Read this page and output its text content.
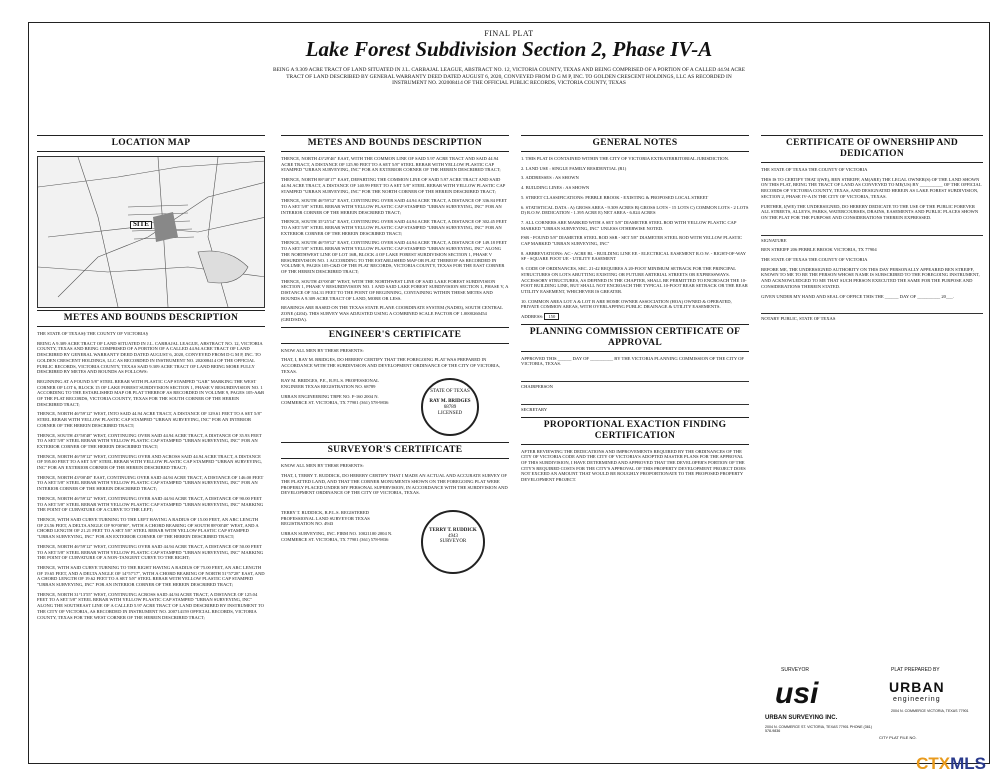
FINAL PLAT
Lake Forest Subdivision Section 2, Phase IV-A
BEING A 9.309 ACRE TRACT OF LAND SITUATED IN J.L. CARBAJAL LEAGUE, ABSTRACT NO. 12, VICTORIA COUNTY, TEXAS AND BEING COMPRISED OF A PORTION OF A CALLED 44.94 ACRE TRACT OF LAND DESCRIBED BY GENERAL WARRANTY DEED DATED AUGUST 6, 2020, CONVEYED FROM D G M P, INC. TO GOLDEN CRESCENT HOLDINGS, LLC AS RECORDED IN INSTRUMENT NO. 202008414 OF THE OFFICIAL PUBLIC RECORDS, VICTORIA COUNTY, TEXAS
LOCATION MAP
SITE
METES AND BOUNDS DESCRIPTION
THE STATE OF TEXAS§ THE COUNTY OF VICTORIA§
BEING A 9.309 ACRE TRACT OF LAND SITUATED IN J.L. CARBAJAL LEAGUE, ABSTRACT NO. 12, VICTORIA COUNTY, TEXAS AND BEING COMPRISED OF A PORTION OF A CALLED 44.94 ACRE TRACT OF LAND DESCRIBED BY GENERAL WARRANTY DEED DATED AUGUST 6, 2020, CONVEYED FROM D G M P, INC. TO GOLDEN CRESCENT HOLDINGS, LLC AS RECORDED IN INSTRUMENT NO. 202008414 OF THE OFFICIAL PUBLIC RECORDS, VICTORIA COUNTY, TEXAS SAID 9.309 ACRE TRACT OF LAND BEING MORE FULLY DESCRIBED BY METES AND BOUNDS AS FOLLOWS:
BEGINNING AT A FOUND 5/8" STEEL REBAR WITH PLASTIC CAP STAMPED "GAR" MARKING THE WEST CORNER OF LOT 6, BLOCK 15 OF LAKE FOREST SUBDIVISION SECTION 1, PHASE V RESUBDIVISION NO. 1 ACCORDING TO THE ESTABLISHED MAP OR PLAT THEREOF AS RECORDED IN VOLUME 9, PAGES 105-A&B OF THE PLAT RECORDS, VICTORIA COUNTY, TEXAS FOR THE SOUTH CORNER OF THE HEREIN DESCRIBED TRACT;
THENCE, NORTH 46°59'12" WEST, INTO SAID 44.94 ACRE TRACT, A DISTANCE OF 129.61 FEET TO A SET 5/8" STEEL REBAR WITH YELLOW PLASTIC CAP STAMPED "URBAN SURVEYING, INC" FOR AN INTERIOR CORNER OF THE HEREIN DESCRIBED TRACT;
THENCE, SOUTH 43°58'48" WEST, CONTINUING OVER SAID 44.94 ACRE TRACT, A DISTANCE OF 35.93 FEET TO A SET 5/8" STEEL REBAR WITH YELLOW PLASTIC CAP STAMPED "URBAN SURVEYING, INC" FOR AN EXTERIOR CORNER OF THE HEREIN DESCRIBED TRACT;
THENCE, NORTH 46°59'12" WEST, CONTINUING OVER AND ACROSS SAID 44.94 ACRE TRACT, A DISTANCE OF 595.00 FEET TO A SET 5/8" STEEL REBAR WITH YELLOW PLASTIC CAP STAMPED "URBAN SURVEYING, INC" FOR AN EXTERIOR CORNER OF THE HEREIN DESCRIBED TRACT;
THENCE, NORTH 43°00'48" EAST, CONTINUING OVER SAID 44.94 ACRE TRACT, A DISTANCE OF 146.00 FEET TO A SET 5/8" STEEL REBAR WITH YELLOW PLASTIC CAP STAMPED "URBAN SURVEYING, INC" FOR AN INTERIOR CORNER OF THE HEREIN DESCRIBED TRACT;
THENCE, NORTH 46°59'12" WEST, CONTINUING OVER SAID 44.94 ACRE TRACT, A DISTANCE OF 90.00 FEET TO A SET 5/8" STEEL REBAR WITH YELLOW PLASTIC CAP STAMPED "URBAN SURVEYING, INC" MARKING THE POINT OF CURVATURE OF A CURVE TO THE LEFT;
THENCE, WITH SAID CURVE TURNING TO THE LEFT HAVING A RADIUS OF 15.00 FEET, AN ARC LENGTH OF 23.56 FEET, A DELTA ANGLE OF 90°00'00", WITH A CHORD BEARING OF SOUTH 88°00'48" WEST, AND A CHORD LENGTH OF 21.21 FEET TO A SET 5/8" STEEL REBAR WITH YELLOW PLASTIC CAP STAMPED "URBAN SURVEYING, INC" FOR AN EXTERIOR CORNER OF THE HEREIN DESCRIBED TRACT;
THENCE, NORTH 46°59'12" WEST, CONTINUING OVER SAID 44.94 ACRE TRACT, A DISTANCE OF 50.00 FEET TO A SET 5/8" STEEL REBAR WITH YELLOW PLASTIC CAP STAMPED "URBAN SURVEYING, INC" MARKING THE POINT OF CURVATURE OF A NON-TANGENT CURVE TO THE RIGHT;
THENCE, WITH SAID CURVE TURNING TO THE RIGHT HAVING A RADIUS OF 75.00 FEET, AN ARC LENGTH OF 19.65 FEET, AND A DELTA ANGLE OF 14°57'17", WITH A CHORD BEARING OF NORTH 51°57'28" EAST, AND A CHORD LENGTH OF 19.62 FEET TO A SET 5/8" STEEL REBAR WITH YELLOW PLASTIC CAP STAMPED "URBAN SURVEYING, INC" FOR AN INTERIOR CORNER OF THE HEREIN DESCRIBED TRACT;
THENCE, NORTH 31°13'55" WEST, CONTINUING ACROSS SAID 44.94 ACRE TRACT, A DISTANCE OF 125.04 FEET TO A SET 5/8" STEEL REBAR WITH YELLOW PLASTIC CAP STAMPED "URBAN SURVEYING, INC" ALONG THE SOUTHEAST LINE OF A CALLED 5.97 ACRE TRACT OF LAND DESCRIBED BY INSTRUMENT TO THE CITY OF VICTORIA, AS RECORDED IN INSTRUMENT NO. 200714159 OFFICIAL RECORDS, VICTORIA COUNTY, TEXAS FOR THE WEST CORNER OF THE HEREIN DESCRIBED TRACT;
METES AND BOUNDS DESCRIPTION
THENCE, NORTH 43°29'46" EAST, WITH THE COMMON LINE OF SAID 5.97 ACRE TRACT AND SAID 44.94 ACRE TRACT, A DISTANCE OF 125.90 FEET TO A SET 5/8" STEEL REBAR WITH YELLOW PLASTIC CAP STAMPED "URBAN SURVEYING, INC" FOR AN EXTERIOR CORNER OF THE HEREIN DESCRIBED TRACT;
THENCE, NORTH 88°40'17" EAST, DEPARTING THE COMMON LINE OF SAID 5.97 ACRE TRACT AND SAID 44.94 ACRE TRACT, A DISTANCE OF 140.99 FEET TO A SET 5/8" STEEL REBAR WITH YELLOW PLASTIC CAP STAMPED "URBAN SURVEYING, INC" FOR THE NORTH CORNER OF THE HEREIN DESCRIBED TRACT;
THENCE, SOUTH 46°59'12" EAST, CONTINUING OVER SAID 44.94 ACRE TRACT, A DISTANCE OF 336.84 FEET TO A SET 5/8" STEEL REBAR WITH YELLOW PLASTIC CAP STAMPED "URBAN SURVEYING, INC" FOR AN INTERIOR CORNER OF THE HEREIN DESCRIBED TRACT;
THENCE, SOUTH 35°25'14" EAST, CONTINUING OVER SAID 44.94 ACRE TRACT, A DISTANCE OF 302.45 FEET TO A SET 5/8" STEEL REBAR WITH YELLOW PLASTIC CAP STAMPED "URBAN SURVEYING, INC" FOR AN EXTERIOR CORNER OF THE HEREIN DESCRIBED TRACT;
THENCE, SOUTH 46°59'12" EAST, CONTINUING OVER SAID 44.94 ACRE TRACT, A DISTANCE OF 149.18 FEET TO A SET 5/8" STEEL REBAR WITH YELLOW PLASTIC CAP STAMPED "URBAN SURVEYING, INC" ALONG THE NORTHWEST LINE OF LOT 16B, BLOCK 4 OF LAKE FOREST SUBDIVISION SECTION 1, PHASE V RESUBDIVISION NO. 1 ACCORDING TO THE ESTABLISHED MAP OR PLAT THEREOF AS RECORDED IN VOLUME 9, PAGES 105-C&D OF THE PLAT RECORDS, VICTORIA COUNTY, TEXAS FOR THE EAST CORNER OF THE HEREIN DESCRIBED TRACT;
THENCE, SOUTH 43°00'48" WEST, WITH THE NORTHWEST LINE OF SAID LAKE FOREST SUBDIVISION SECTION 1, PHASE V RESUBDIVISION NO. 1 AND SAID LAKE FOREST SUBDIVISION SECTION 1, PHASE V, A DISTANCE OF 534.31 FEET TO THE POINT OF BEGINNING, CONTAINING WITHIN THESE METES AND BOUNDS A 9.309 ACRE TRACT OF LAND, MORE OR LESS.
BEARINGS ARE BASED ON THE TEXAS STATE PLANE COORDINATE SYSTEM (NAD83), SOUTH CENTRAL ZONE (4204). THIS SURVEY WAS ADJUSTED USING A COMBINED SCALE FACTOR OF 1.0000260454 (GRID/SDA).
ENGINEER'S CERTIFICATE
KNOW ALL MEN BY THESE PRESENTS:
THAT, I, RAY M. BRIDGES, DO HEREBY CERTIFY THAT THE FOREGOING PLAT WAS PREPARED IN ACCORDANCE WITH THE SUBDIVISION AND DEVELOPMENT ORDINANCE OF THE CITY OF VICTORIA, TEXAS.
RAY M. BRIDGES, P.E., R.P.L.S. PROFESSIONAL ENGINEER TEXAS REGISTRATION NO. 68789
URBAN ENGINEERING TBPE NO. F-160 2004 N. COMMERCE ST. VICTORIA, TX 77901 (361) 578-9836
STATE OF TEXAS
RAY M. BRIDGES
68789
LICENSED
SURVEYOR'S CERTIFICATE
KNOW ALL MEN BY THESE PRESENTS:
THAT, I, TERRY T. RUDDICK, DO HEREBY CERTIFY THAT I MADE AN ACTUAL AND ACCURATE SURVEY OF THE PLATTED LAND, AND THAT THE CORNER MONUMENTS SHOWN ON THE FOREGOING PLAT WERE PROPERLY PLACED UNDER MY PERSONAL SUPERVISION, IN ACCORDANCE WITH THE SUBDIVISION AND DEVELOPMENT ORDINANCE OF THE CITY OF VICTORIA, TEXAS.
TERRY T. RUDDICK, R.P.L.S. REGISTERED PROFESSIONAL LAND SURVEYOR TEXAS REGISTRATION NO. 4943
URBAN SURVEYING, INC. FIRM NO. 10021100 2004 N. COMMERCE ST. VICTORIA, TX 77901 (361) 578-9836
TERRY T. RUDDICK
4943
SURVEYOR
GENERAL NOTES
1. THIS PLAT IS CONTAINED WITHIN THE CITY OF VICTORIA EXTRATERRITORIAL JURISDICTION.
2. LAND USE : SINGLE FAMILY RESIDENTIAL (R1)
3. ADDRESSES : AS SHOWN
4. BUILDING LINES : AS SHOWN
5. STREET CLASSIFICATIONS: PEBBLE BROOK - EXISTING & PROPOSED LOCAL STREET
6. STATISTICAL DATA : A) GROSS AREA - 9.309 ACRES B) GROSS LOTS - 15 LOTS C) COMMON LOTS - 2 LOTS D) R.O.W. DEDICATION - 1.395 ACRE E) NET AREA - 6.824 ACRES
7. ALL CORNERS ARE MARKED WITH A SET 5/8" DIAMETER STEEL ROD WITH YELLOW PLASTIC CAP MARKED "URBAN SURVEYING, INC" UNLESS OTHERWISE NOTED.
FSR - FOUND 5/8" DIAMETER STEEL ROD SSR - SET 5/8" DIAMETER STEEL ROD WITH YELLOW PLASTIC CAP MARKED "URBAN SURVEYING, INC"
8. ABBREVIATIONS: AC - ACRE BL - BUILDING LINE EE - ELECTRICAL EASEMENT R.O.W. - RIGHT-OF-WAY SF - SQUARE FOOT UE - UTILITY EASEMENT
9. CODE OF ORDINANCES, SEC. 21-42 REQUIRES A 20-FOOT MINIMUM SETBACK FOR THE PRINCIPAL STRUCTURES ON LOTS ABUTTING EXISTING OR FUTURE ARTERIAL STREETS OR EXPRESSWAYS. ACCESSORY STRUCTURES, AS DEFINED IN THE CHAPTER, SHALL BE PERMITTED TO ENCROACH THE 10-FOOT BUILDING LINE, BUT SHALL NOT ENCROACH THE TYPICAL 10-FOOT REAR SETBACK OR THE REAR UTILITY EASEMENT, WHICHEVER IS GREATER.
10. COMMON AREA LOT A & LOT B ARE HOME OWNER ASSOCIATION (HOA) OWNED & OPERATED, PRIVATE COMMON AREAS, WITH OVERLAPPING PUBLIC DRAINAGE & UTILITY EASEMENTS.
ADDRESS: 150
PLANNING COMMISSION CERTIFICATE OF APPROVAL
APPROVED THIS ______ DAY OF __________ BY THE VICTORIA PLANNING COMMISSION OF THE CITY OF VICTORIA, TEXAS.
CHAIRPERSON
SECRETARY
PROPORTIONAL EXACTION FINDING CERTIFICATION
AFTER REVIEWING THE DEDICATIONS AND IMPROVEMENTS REQUIRED BY THE ORDINANCES OF THE CITY OF VICTORIA CODE AND THE CITY OF VICTORIA'S ADOPTED MASTER PLANS FOR THE APPROVAL OF THIS SUBDIVISION, I HAVE DETERMINED AND APPROVED THAT THE DEVELOPER'S PORTION OF THE CITY'S REQUIRED COSTS FOR THE CITY'S APPROVAL OF THIS PROPERTY DEVELOPMENT PROJECT DOES NOT EXCEED AN AMOUNT THAT WOULD BE ROUGHLY PROPORTIONATE TO THE PROPOSED PROPERTY DEVELOPMENT PROJECT.
CERTIFICATE OF OWNERSHIP AND DEDICATION
THE STATE OF TEXAS THE COUNTY OF VICTORIA
THIS IS TO CERTIFY THAT I(WE), BEN STREIFF, AM(ARE) THE LEGAL OWNER(S) OF THE LAND SHOWN ON THIS PLAT, BEING THE TRACT OF LAND AS CONVEYED TO ME(US) BY __________ OF THE OFFICIAL RECORDS OF VICTORIA COUNTY, TEXAS, AND DESIGNATED HEREIN AS LAKE FOREST SUBDIVISION, SECTION 2, PHASE IV-A IN THE CITY OF VICTORIA, TEXAS.
FURTHER, I(WE) THE UNDERSIGNED, DO HEREBY DEDICATE TO THE USE OF THE PUBLIC FOREVER ALL STREETS, ALLEYS, PARKS, WATERCOURSES, DRAINS, EASEMENTS AND PUBLIC PLACES SHOWN ON THE PLAT FOR THE PURPOSE AND CONSIDERATIONS THEREIN EXPRESSED.
SIGNATURE
BEN STREIFF 206 PEBBLE BROOK VICTORIA, TX 77904
THE STATE OF TEXAS THE COUNTY OF VICTORIA
BEFORE ME, THE UNDERSIGNED AUTHORITY ON THIS DAY PERSONALLY APPEARED BEN STREIFF, KNOWN TO ME TO BE THE PERSON WHOSE NAME IS SUBSCRIBED TO THE FOREGOING INSTRUMENT, AND ACKNOWLEDGED TO ME THAT SUCH PERSON EXECUTED THE SAME FOR THE PURPOSE AND CONSIDERATIONS THEREIN STATED.
GIVEN UNDER MY HAND AND SEAL OF OFFICE THIS THE ______ DAY OF __________ 20___.
NOTARY PUBLIC, STATE OF TEXAS
SURVEYOR
usi
URBAN SURVEYING INC.
2004 N. COMMERCE ST. VICTORIA, TEXAS 77901 PHONE (361) 578-9836
PLAT PREPARED BY
URBAN
engineering
2004 N. COMMERCE VICTORIA, TEXAS 77901
CITY PLAT FILE NO.
CTXMLS
